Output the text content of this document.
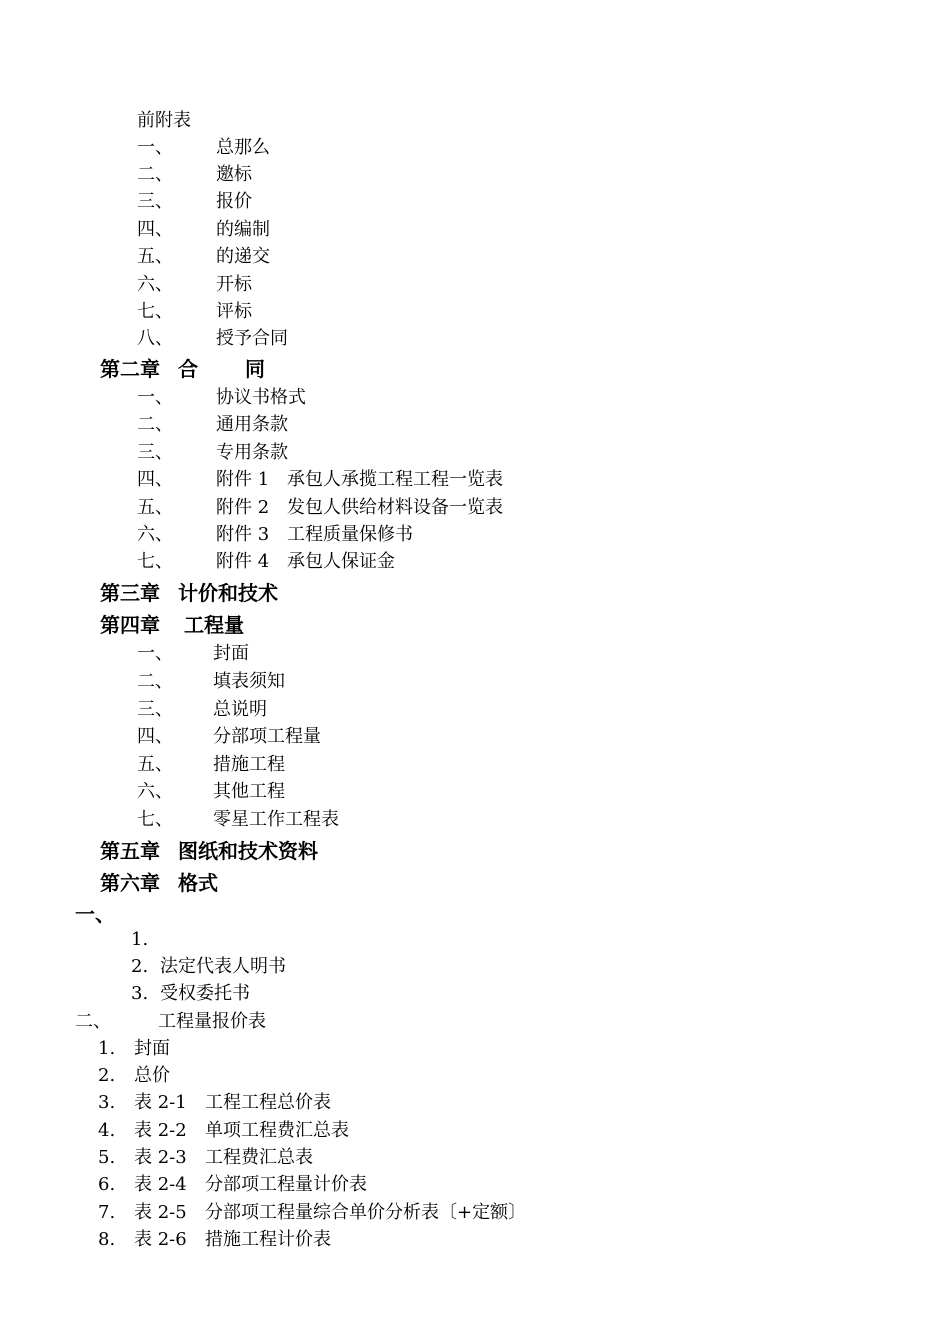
前附表
一、 总那么
二、 邀标
三、 报价
四、 的编制
五、 的递交
六、 开标
七、 评标
八、 授予合同
第二章 合 同
一、 协议书格式
二、 通用条款
三、 专用条款
四、 附件 1 承包人承揽工程工程一览表
五、 附件 2 发包人供给材料设备一览表
六、 附件 3 工程质量保修书
七、 附件 4 承包人保证金
第三章 计价和技术
第四章 工程量
一、 封面
二、 填表须知
三、 总说明
四、 分部项工程量
五、 措施工程
六、 其他工程
七、 零星工作工程表
第五章 图纸和技术资料
第六章 格式
一、
1.
2. 法定代表人明书
3. 受权委托书
二、	工程量报价表
1. 封面
2. 总价
3. 表 2-1 工程工程总价表
4. 表 2-2 单项工程费汇总表
5. 表 2-3 工程费汇总表
6. 表 2-4 分部项工程量计价表
7. 表 2-5 分部项工程量综合单价分析表〔+定额〕
8. 表 2-6 措施工程计价表
